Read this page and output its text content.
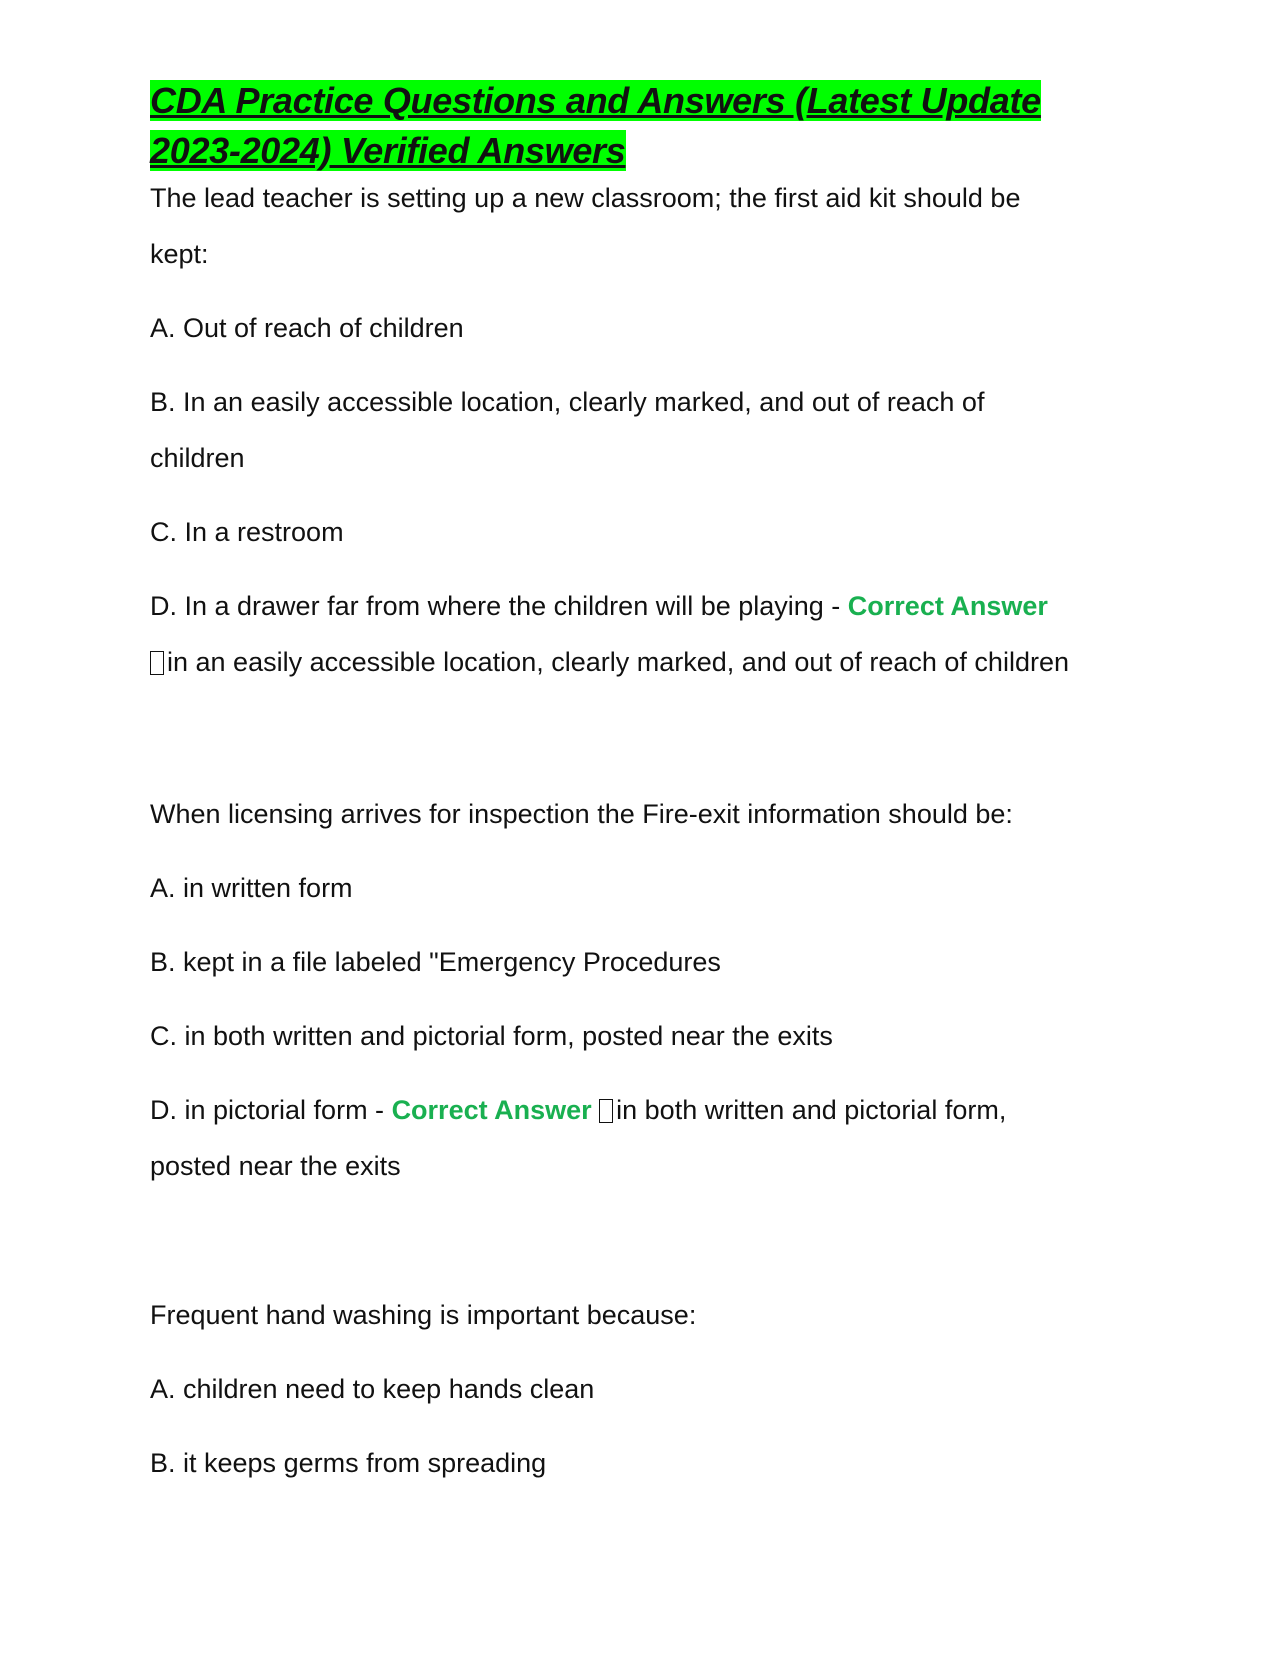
CDA Practice Questions and Answers (Latest Update
2023-2024) Verified Answers
The lead teacher is setting up a new classroom; the first aid kit should be
kept:
A. Out of reach of children
B. In an easily accessible location, clearly marked, and out of reach of
children
C. In a restroom
D. In a drawer far from where the children will be playing - Correct Answer
in an easily accessible location, clearly marked, and out of reach of children
When licensing arrives for inspection the Fire-exit information should be:
A. in written form
B. kept in a file labeled "Emergency Procedures
C. in both written and pictorial form, posted near the exits
D. in pictorial form - Correct Answer in both written and pictorial form,
posted near the exits
Frequent hand washing is important because:
A. children need to keep hands clean
B. it keeps germs from spreading
